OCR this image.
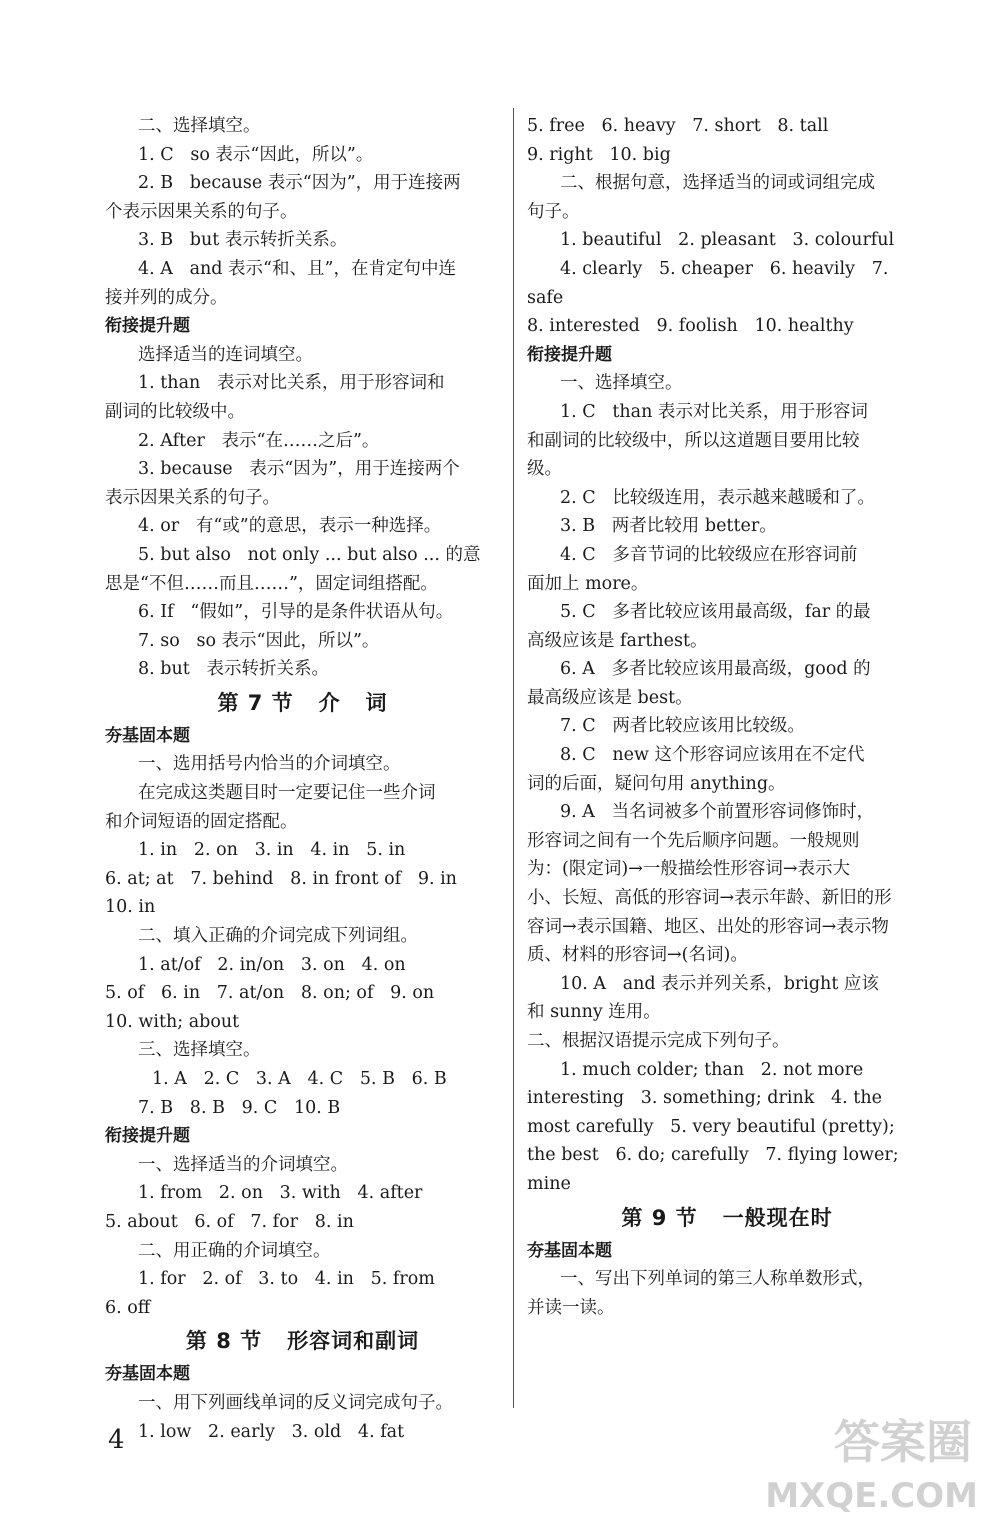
二、选择填空。
1. C   so 表示“因此，所以”。
2. B   because 表示“因为”，用于连接两
个表示因果关系的句子。
3. B   but 表示转折关系。
4. A   and 表示“和、且”，在肯定句中连
接并列的成分。
衔接提升题
选择适当的连词填空。
1. than   表示对比关系，用于形容词和
副词的比较级中。
2. After   表示“在……之后”。
3. because   表示“因为”，用于连接两个
表示因果关系的句子。
4. or   有“或”的意思，表示一种选择。
5. but also   not only ... but also ... 的意
思是“不但……而且……”，固定词组搭配。
6. If   “假如”，引导的是条件状语从句。
7. so   so 表示“因此，所以”。
8. but   表示转折关系。
第 7 节   介   词
夯基固本题
一、选用括号内恰当的介词填空。
在完成这类题目时一定要记住一些介词
和介词短语的固定搭配。
1. in   2. on   3. in   4. in   5. in
6. at; at   7. behind   8. in front of   9. in
10. in
二、填入正确的介词完成下列词组。
1. at/of   2. in/on   3. on   4. on
5. of   6. in   7. at/on   8. on; of   9. on
10. with; about
三、选择填空。
1. A   2. C   3. A   4. C   5. B   6. B
7. B   8. B   9. C   10. B
衔接提升题
一、选择适当的介词填空。
1. from   2. on   3. with   4. after
5. about   6. of   7. for   8. in
二、用正确的介词填空。
1. for   2. of   3. to   4. in   5. from
6. off
第 8 节   形容词和副词
夯基固本题
一、用下列画线单词的反义词完成句子。
1. low   2. early   3. old   4. fat
5. free   6. heavy   7. short   8. tall
9. right   10. big
二、根据句意，选择适当的词或词组完成
句子。
1. beautiful   2. pleasant   3. colourful
4. clearly   5. cheaper   6. heavily   7.
safe
8. interested   9. foolish   10. healthy
衔接提升题
一、选择填空。
1. C   than 表示对比关系，用于形容词
和副词的比较级中，所以这道题目要用比较
级。
2. C   比较级连用，表示越来越暖和了。
3. B   两者比较用 better。
4. C   多音节词的比较级应在形容词前
面加上 more。
5. C   多者比较应该用最高级，far 的最
高级应该是 farthest。
6. A   多者比较应该用最高级，good 的
最高级应该是 best。
7. C   两者比较应该用比较级。
8. C   new 这个形容词应该用在不定代
词的后面，疑问句用 anything。
9. A   当名词被多个前置形容词修饰时，
形容词之间有一个先后顺序问题。一般规则
为：(限定词)→一般描绘性形容词→表示大
小、长短、高低的形容词→表示年龄、新旧的形
容词→表示国籍、地区、出处的形容词→表示物
质、材料的形容词→(名词)。
10. A   and 表示并列关系，bright 应该
和 sunny 连用。
二、根据汉语提示完成下列句子。
1. much colder; than   2. not more
interesting   3. something; drink   4. the
most carefully   5. very beautiful (pretty);
the best   6. do; carefully   7. flying lower;
mine
第 9 节   一般现在时
夯基固本题
一、写出下列单词的第三人称单数形式，
并读一读。
4	答案圈
MXQE.COM
